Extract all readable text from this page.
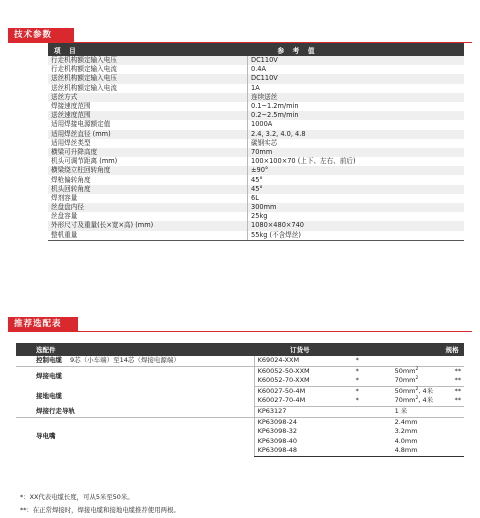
技术参数
项　目	参　考　值
行走机构额定输入电压	DC110V
行走机构额定输入电流	0.4A
送丝机构额定输入电压	DC110V
送丝机构额定输入电流	1A
送丝方式	连续送丝
焊接速度范围	0.1~1.2m/min
送丝速度范围	0.2~2.5m/min
适用焊接电源额定值	1000A
适用焊丝直径 (mm)	2.4, 3.2, 4.0, 4.8
适用焊丝类型	碳钢实芯
横梁可升降高度	70mm
机头可调节距离 (mm)	100×100×70 (上下、左右、前后)
横梁绕立柱回转角度	±90°
焊枪偏转角度	45°
机头回转角度	45°
焊剂容量	6L
丝盘盘内径	300mm
丝盘容量	25kg
外形尺寸及重量(长×宽×高) (mm)	1080×480×740
整机重量	55kg (不含焊丝)
推荐选配表
选配件	订货号		规格	
控制电缆 9芯（小车端）至14芯（焊接电源端）	K69024-XXM	*		
焊接电缆	K60052-50-XXM	*	$50mm^2$	**
	K60052-70-XXM	*	$70mm^2$	**
接地电缆	K60027-50-4M	*	$50mm^2$, 4米	**
	K60027-70-4M	*	$70mm^2$, 4米	**
焊接行走导轨	KP63127		1 米	
导电嘴	KP63098-24		2.4mm	
	KP63098-32		3.2mm	
	KP63098-40		4.0mm	
	KP63098-48		4.8mm	
*：XX代表电缆长度，可从5米至50米。
**：在正常焊接时，焊接电缆和接地电缆推荐使用两根。
